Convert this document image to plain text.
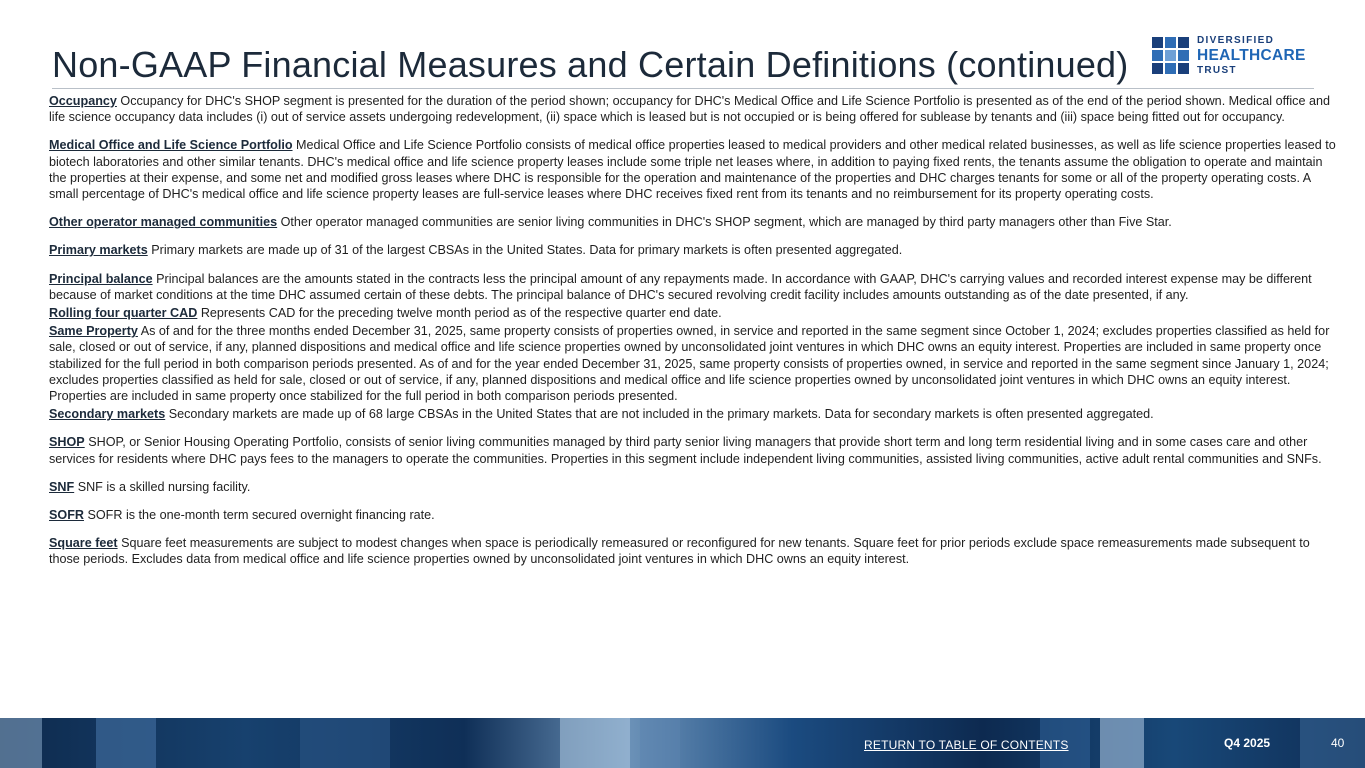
Non-GAAP Financial Measures and Certain Definitions (continued)
DIVERSIFIED
HEALTHCARE
TRUST

Occupancy Occupancy for DHC's SHOP segment is presented for the duration of the period shown; occupancy for DHC's Medical Office and Life Science Portfolio is presented as of the end of the period shown. Medical office and life science occupancy data includes (i) out of service assets undergoing redevelopment, (ii) space which is leased but is not occupied or is being offered for sublease by tenants and (iii) space being fitted out for occupancy.

Medical Office and Life Science Portfolio Medical Office and Life Science Portfolio consists of medical office properties leased to medical providers and other medical related businesses, as well as life science properties leased to biotech laboratories and other similar tenants. DHC's medical office and life science property leases include some triple net leases where, in addition to paying fixed rents, the tenants assume the obligation to operate and maintain the properties at their expense, and some net and modified gross leases where DHC is responsible for the operation and maintenance of the properties and DHC charges tenants for some or all of the property operating costs. A small percentage of DHC's medical office and life science property leases are full-service leases where DHC receives fixed rent from its tenants and no reimbursement for its property operating costs.

Other operator managed communities Other operator managed communities are senior living communities in DHC's SHOP segment, which are managed by third party managers other than Five Star.

Primary markets Primary markets are made up of 31 of the largest CBSAs in the United States. Data for primary markets is often presented aggregated.

Principal balance Principal balances are the amounts stated in the contracts less the principal amount of any repayments made. In accordance with GAAP, DHC's carrying values and recorded interest expense may be different because of market conditions at the time DHC assumed certain of these debts. The principal balance of DHC's secured revolving credit facility includes amounts outstanding as of the date presented, if any.

Rolling four quarter CAD Represents CAD for the preceding twelve month period as of the respective quarter end date.

Same Property As of and for the three months ended December 31, 2025, same property consists of properties owned, in service and reported in the same segment since October 1, 2024; excludes properties classified as held for sale, closed or out of service, if any, planned dispositions and medical office and life science properties owned by unconsolidated joint ventures in which DHC owns an equity interest. Properties are included in same property once stabilized for the full period in both comparison periods presented. As of and for the year ended December 31, 2025, same property consists of properties owned, in service and reported in the same segment since January 1, 2024; excludes properties classified as held for sale, closed or out of service, if any, planned dispositions and medical office and life science properties owned by unconsolidated joint ventures in which DHC owns an equity interest. Properties are included in same property once stabilized for the full period in both comparison periods presented.

Secondary markets Secondary markets are made up of 68 large CBSAs in the United States that are not included in the primary markets. Data for secondary markets is often presented aggregated.

SHOP SHOP, or Senior Housing Operating Portfolio, consists of senior living communities managed by third party senior living managers that provide short term and long term residential living and in some cases care and other services for residents where DHC pays fees to the managers to operate the communities. Properties in this segment include independent living communities, assisted living communities, active adult rental communities and SNFs.

SNF SNF is a skilled nursing facility.

SOFR SOFR is the one-month term secured overnight financing rate.

Square feet Square feet measurements are subject to modest changes when space is periodically remeasured or reconfigured for new tenants. Square feet for prior periods exclude space remeasurements made subsequent to those periods. Excludes data from medical office and life science properties owned by unconsolidated joint ventures in which DHC owns an equity interest.

RETURN TO TABLE OF CONTENTS	Q4 2025	40
